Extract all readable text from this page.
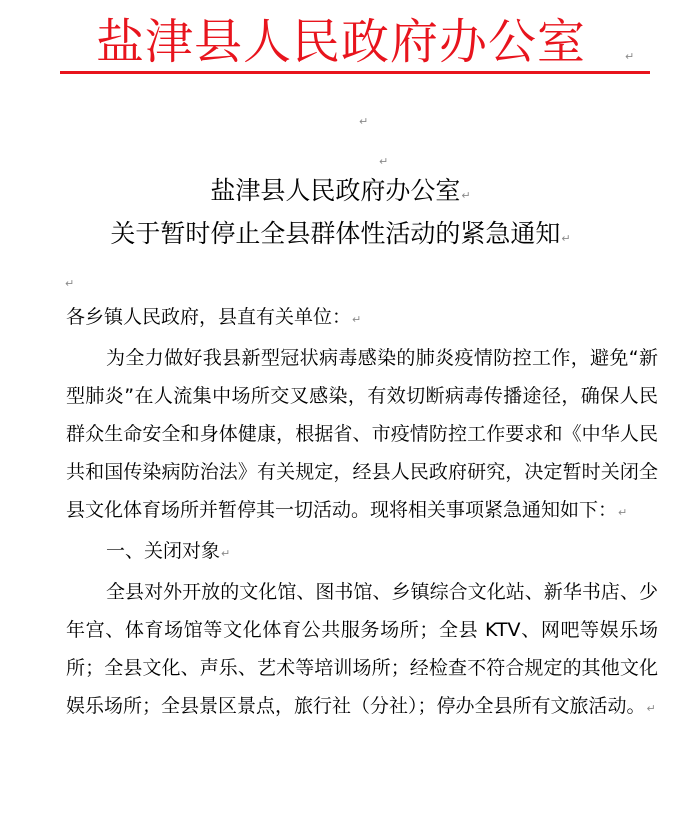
盐津县人民政府办公室	↵
↵
↵
盐津县人民政府办公室↵
关于暂时停止全县群体性活动的紧急通知↵
↵

各乡镇人民政府，县直有关单位：↵

为全力做好我县新型冠状病毒感染的肺炎疫情防控工作，避免“新型肺炎”在人流集中场所交叉感染，有效切断病毒传播途径，确保人民群众生命安全和身体健康，根据省、市疫情防控工作要求和《中华人民共和国传染病防治法》有关规定，经县人民政府研究，决定暂时关闭全县文化体育场所并暂停其一切活动。现将相关事项紧急通知如下：↵

一、关闭对象↵

全县对外开放的文化馆、图书馆、乡镇综合文化站、新华书店、少年宫、体育场馆等文化体育公共服务场所；全县 KTV、网吧等娱乐场所；全县文化、声乐、艺术等培训场所；经检查不符合规定的其他文化娱乐场所；全县景区景点，旅行社（分社）；停办全县所有文旅活动。↵
